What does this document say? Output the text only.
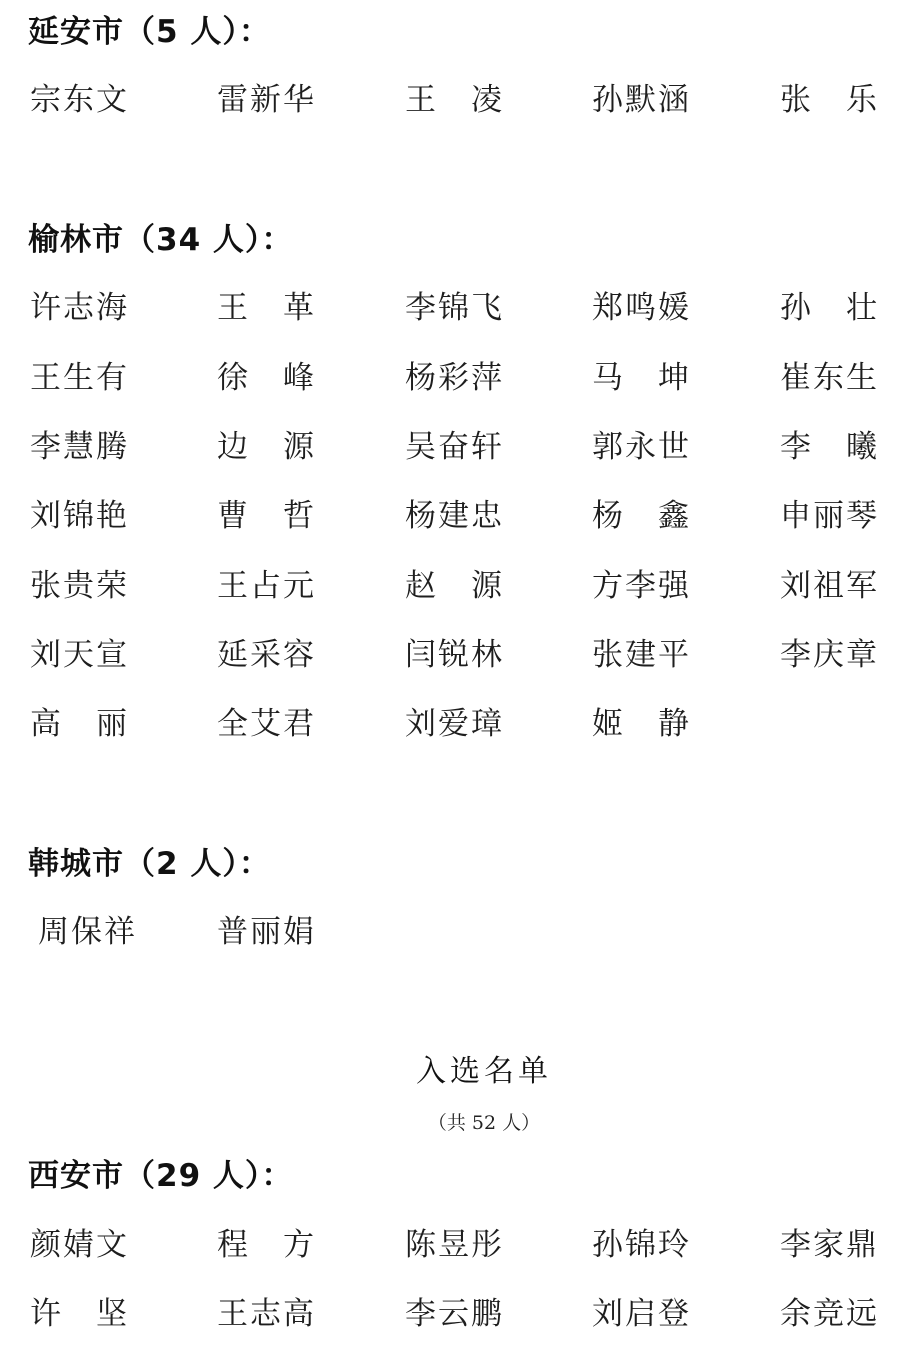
延安市（5 人）：
宗东文	雷新华	王　凌	孙默涵	张　乐
榆林市（34 人）：
许志海	王　革	李锦飞	郑鸣媛	孙　壮
王生有	徐　峰	杨彩萍	马　坤	崔东生
李慧腾	边　源	吴奋轩	郭永世	李　曦
刘锦艳	曹　哲	杨建忠	杨　鑫	申丽琴
张贵荣	王占元	赵　源	方李强	刘祖军
刘天宣	延采容	闫锐林	张建平	李庆章
高　丽	全艾君	刘爱璋	姬　静
韩城市（2 人）：
周保祥	普丽娟
入选名单
（共 52 人）
西安市（29 人）：
颜婧文	程　方	陈昱彤	孙锦玲	李家鼎
许　坚	王志高	李云鹏	刘启登	余竞远
